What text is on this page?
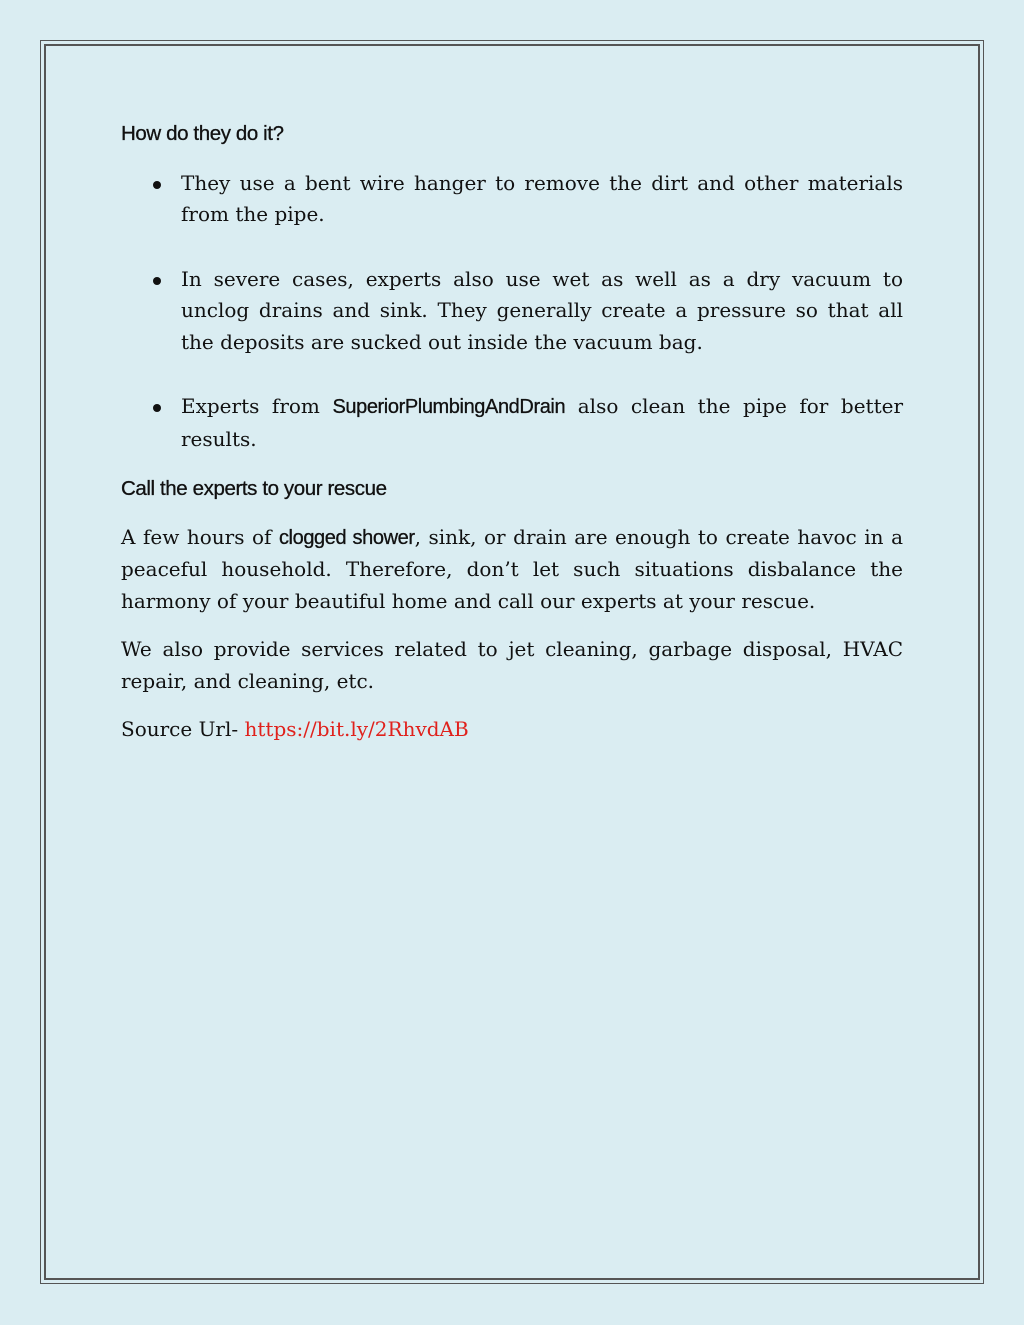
How do they do it?
They use a bent wire hanger to remove the dirt and other materials from the pipe.
In severe cases, experts also use wet as well as a dry vacuum to unclog drains and sink. They generally create a pressure so that all the deposits are sucked out inside the vacuum bag.
Experts from SuperiorPlumbingAndDrain also clean the pipe for better results.
Call the experts to your rescue

A few hours of clogged shower, sink, or drain are enough to create havoc in a peaceful household. Therefore, don’t let such situations disbalance the harmony of your beautiful home and call our experts at your rescue.

We also provide services related to jet cleaning, garbage disposal, HVAC repair, and cleaning, etc.

Source Url- https://bit.ly/2RhvdAB
